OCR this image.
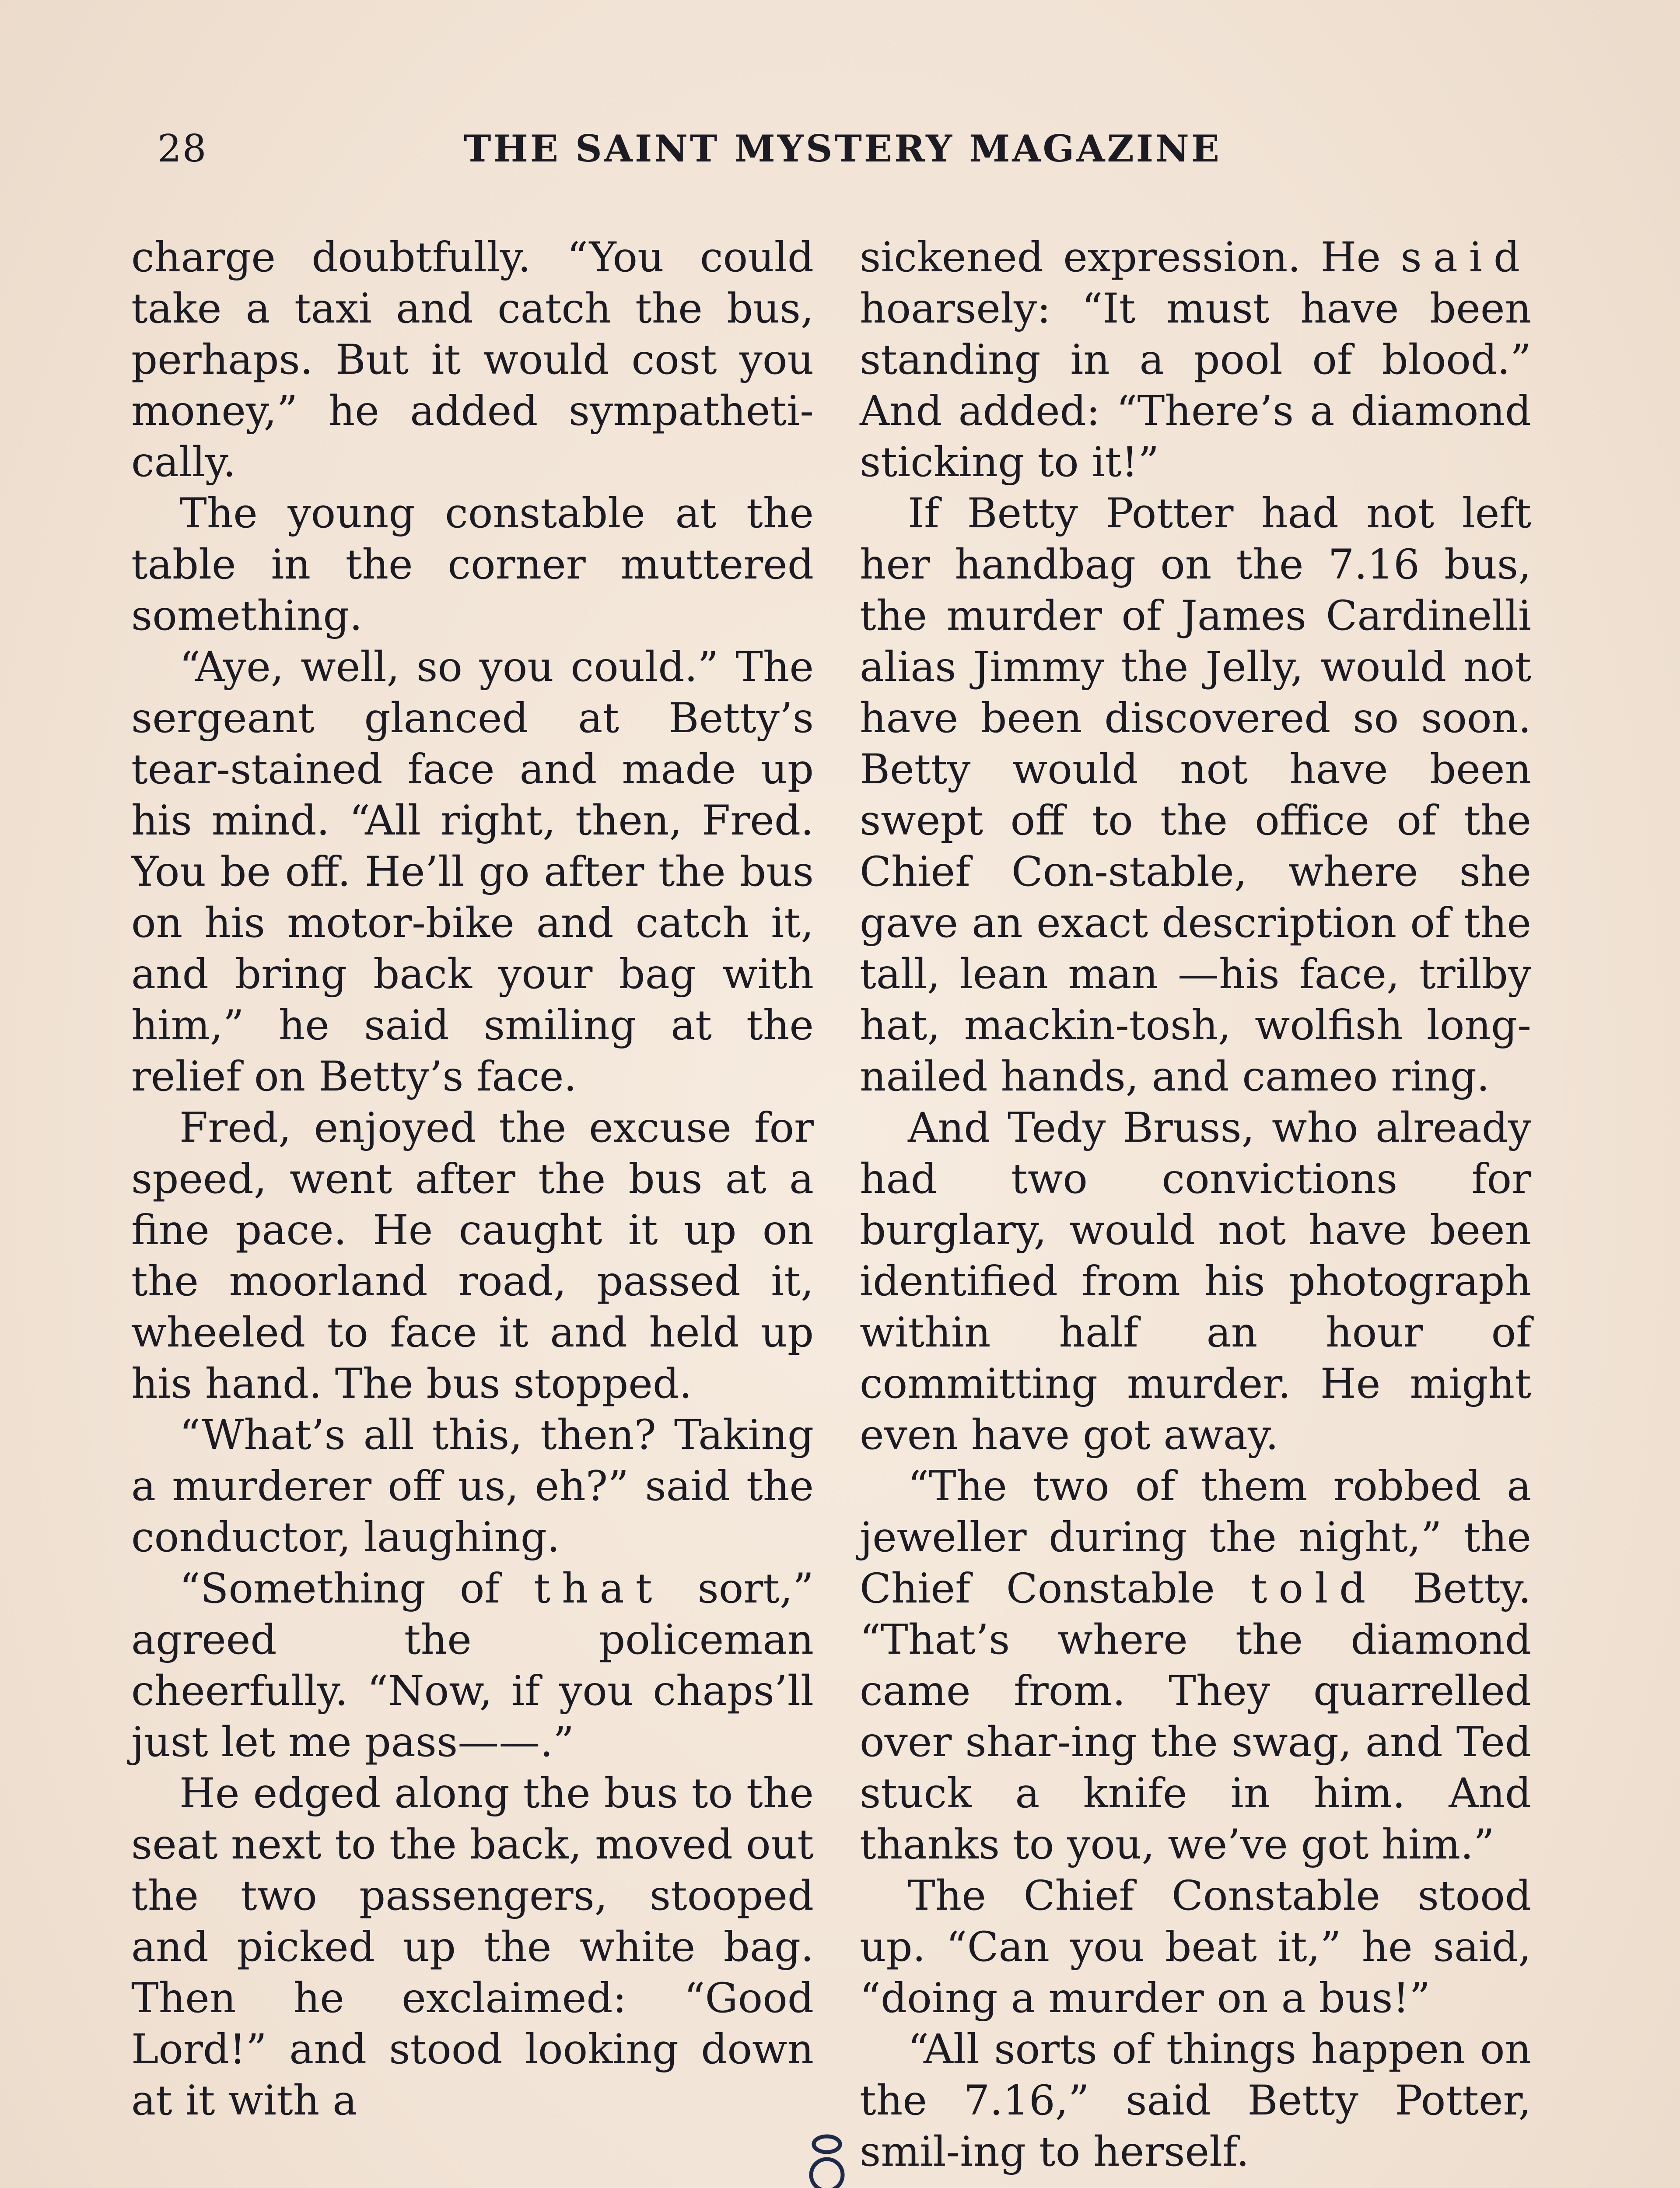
28	THE SAINT MYSTERY MAGAZINE

charge doubtfully. “You could take a taxi and catch the bus, perhaps. But it would cost you money,” he added sympatheti-cally.

The young constable at the table in the corner muttered something.

“Aye, well, so you could.” The sergeant glanced at Betty’s tear-stained face and made up his mind. “All right, then, Fred. You be off. He’ll go after the bus on his motor-bike and catch it, and bring back your bag with him,” he said smiling at the relief on Betty’s face.

Fred, enjoyed the excuse for speed, went after the bus at a fine pace. He caught it up on the moorland road, passed it, wheeled to face it and held up his hand. The bus stopped.

“What’s all this, then? Taking a murderer off us, eh?” said the conductor, laughing.

“Something of that sort,” agreed the policeman cheerfully. “Now, if you chaps’ll just let me pass——.”

He edged along the bus to the seat next to the back, moved out the two passengers, stooped and picked up the white bag. Then he exclaimed: “Good Lord!” and stood looking down at it with a

sickened expression. He said hoarsely: “It must have been standing in a pool of blood.” And added: “There’s a diamond sticking to it!”

If Betty Potter had not left her handbag on the 7.16 bus, the murder of James Cardinelli alias Jimmy the Jelly, would not have been discovered so soon. Betty would not have been swept off to the office of the Chief Con-stable, where she gave an exact description of the tall, lean man —his face, trilby hat, mackin-tosh, wolfish long-nailed hands, and cameo ring.

And Tedy Bruss, who already had two convictions for burglary, would not have been identified from his photograph within half an hour of committing murder. He might even have got away.

“The two of them robbed a jeweller during the night,” the Chief Constable told Betty. “That’s where the diamond came from. They quarrelled over shar-ing the swag, and Ted stuck a knife in him. And thanks to you, we’ve got him.”

The Chief Constable stood up. “Can you beat it,” he said, “doing a murder on a bus!”

“All sorts of things happen on the 7.16,” said Betty Potter, smil-ing to herself.
